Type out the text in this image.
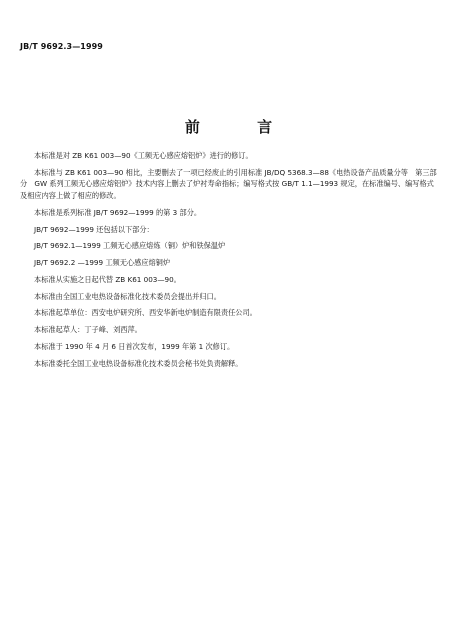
JB/T 9692.3—1999
前 言

本标准是对 ZB K61 003—90《工频无心感应熔铝炉》进行的修订。

本标准与 ZB K61 003—90 相比，主要删去了一项已经废止的引用标准 JB/DQ 5368.3—88《电热设备产品质量分等　第三部分　GW 系列工频无心感应熔铝炉》技术内容上删去了炉衬寿命指标；编写格式按 GB/T 1.1—1993 规定，在标准编号、编写格式及相应内容上做了相应的修改。

本标准是系列标准 JB/T 9692—1999 的第 3 部分。

JB/T 9692—1999 还包括以下部分：

JB/T 9692.1—1999 工频无心感应熔炼（铜）炉和铁保温炉

JB/T 9692.2 —1999 工频无心感应熔铜炉

本标准从实施之日起代替 ZB K61 003—90。

本标准由全国工业电热设备标准化技术委员会提出并归口。

本标准起草单位：西安电炉研究所、西安华新电炉制造有限责任公司。

本标准起草人：丁子峰、刘西萍。

本标准于 1990 年 4 月 6 日首次发布，1999 年第 1 次修订。

本标准委托全国工业电热设备标准化技术委员会秘书处负责解释。
